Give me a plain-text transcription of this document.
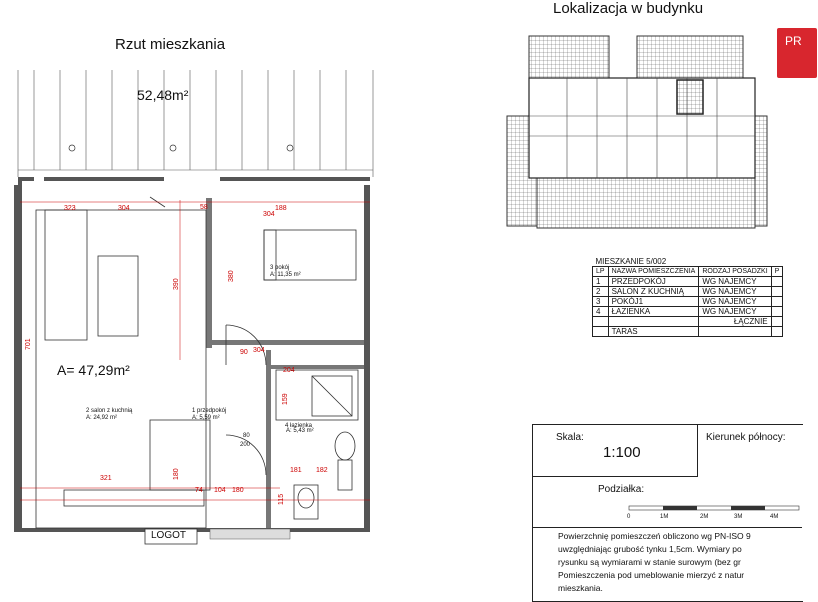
Rzut mieszkania
323	304	188
304
390
380
701
321	180
104
74	180
204
304
182
181
115
159
90
58
80
200
4 łazienka
52,48m²
A= 47,29m²
LOGOT
2 salon z kuchnią
A: 24,92 m²
1 przedpokój
A: 5,59 m²
3 pokój
A: 11,35 m²
A: 5,43 m²
Lokalizacja w budynku
PR
MIESZKANIE 5/002			
LP	NAZWA POMIESZCZENIA	RODZAJ POSADZKI	P
1	PRZEDPOKÓJ	WG NAJEMCY	
2	SALON Z KUCHNIĄ	WG NAJEMCY	
3	POKÓJ1	WG NAJEMCY	
4	ŁAZIENKA	WG NAJEMCY	
		ŁĄCZNIE	
	TARAS		
Skala:
1:100
Kierunek północy:
Podziałka:
0	1M	2M	3M	4M
Powierzchnię pomieszczeń obliczono wg PN-ISO 9
uwzględniając grubość tynku 1,5cm. Wymiary po
rysunku są wymiarami w stanie surowym (bez gr
Pomieszczenia pod umeblowanie mierzyć z natur
mieszkania.
